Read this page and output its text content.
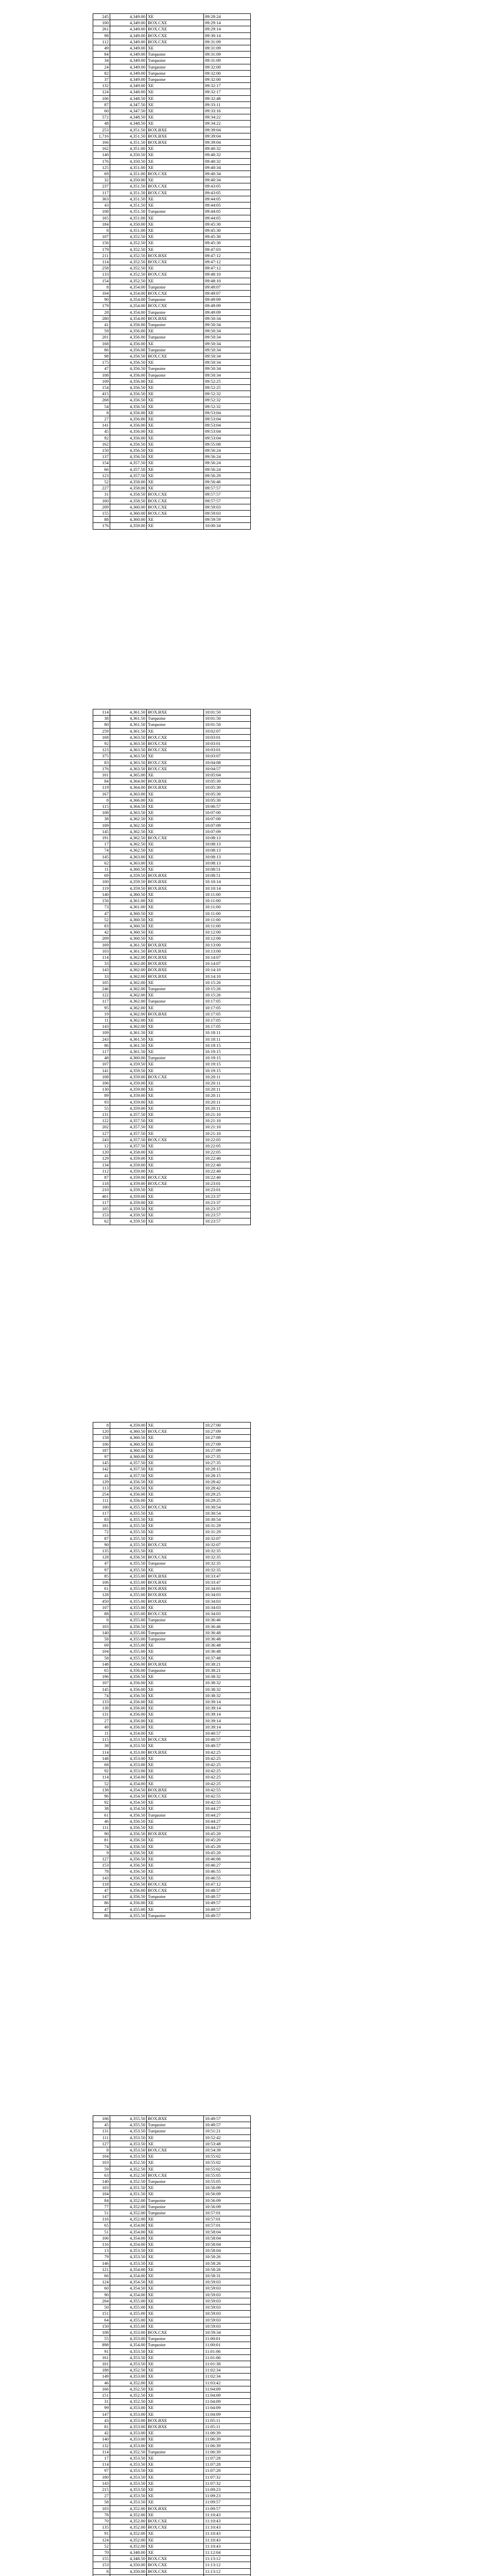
245	4,349.00	XE	09:28:24
100	4,349.00	BOX.CXE	09:29:14
261	4,349.00	BOX.CXE	09:29:14
98	4,349.00	BOX.CXE	09:30:14
112	4,349.00	BOX.CXE	09:31:09
49	4,349.00	XE	09:31:09
84	4,349.00	Turquoise	09:31:09
34	4,349.00	Turquoise	09:31:09
24	4,349.00	Turquoise	09:32:00
82	4,349.00	Turquoise	09:32:00
37	4,349.00	Turquoise	09:32:00
132	4,349.00	XE	09:32:17
124	4,348.00	XE	09:32:17
106	4,348.50	XE	09:32:48
87	4,347.50	XE	09:33:11
60	4,347.50	XE	09:33:16
572	4,348.50	XE	09:34:22
48	4,348.50	XE	09:34:22
253	4,351.50	BOX.BXE	09:39:04
1,716	4,351.50	BOX.BXE	09:39:04
166	4,351.50	BOX.BXE	09:39:04
162	4,351.00	XE	09:40:32
140	4,350.50	XE	09:40:32
176	4,350.50	XE	09:40:32
125	4,351.00	XE	09:40:34
69	4,351.00	BOX.CXE	09:40:34
32	4,350.00	XE	09:40:34
237	4,351.50	BOX.CXE	09:43:05
117	4,351.50	BOX.CXE	09:43:05
363	4,351.50	XE	09:44:05
43	4,351.50	XE	09:44:05
108	4,351.50	Turquoise	09:44:05
165	4,351.00	XE	09:44:05
184	4,350.00	XE	09:45:30
8	4,351.00	XE	09:45:30
107	4,352.50	XE	09:45:30
156	4,352.50	XE	09:45:30
179	4,352.50	XE	09:47:03
211	4,352.50	BOX.BXE	09:47:12
114	4,352.50	BOX.CXE	09:47:12
258	4,352.50	XE	09:47:12
133	4,352.50	BOX.CXE	09:48:10
154	4,352.50	XE	09:48:10
8	4,354.00	Turquoise	09:49:07
104	4,354.00	BOX.CXE	09:49:07
90	4,354.00	Turquoise	09:49:09
179	4,354.00	BOX.CXE	09:49:09
28	4,354.00	Turquoise	09:49:09
280	4,354.00	BOX.BXE	09:50:34
41	4,356.00	Turquoise	09:50:34
59	4,356.00	XE	09:50:34
201	4,356.00	Turquoise	09:50:34
168	4,356.00	XE	09:50:34
86	4,356.00	Turquoise	09:50:34
98	4,356.50	BOX.CXE	09:50:34
175	4,356.50	XE	09:50:34
47	4,356.50	Turquoise	09:50:34
108	4,356.00	Turquoise	09:50:34
109	4,356.00	XE	09:52:25
154	4,356.50	XE	09:52:25
415	4,356.50	XE	09:52:32
268	4,356.50	XE	09:52:32
54	4,356.50	XE	09:52:32
8	4,356.00	XE	09:53:04
27	4,356.00	XE	09:53:04
141	4,356.00	XE	09:53:04
45	4,356.00	XE	09:53:04
92	4,356.00	XE	09:53:04
162	4,356.50	XE	09:55:08
150	4,356.50	XE	09:56:24
137	4,356.50	XE	09:56:24
154	4,357.50	XE	09:56:24
66	4,357.50	XE	09:56:24
123	4,357.50	XE	09:56:29
52	4,358.00	XE	09:56:46
227	4,358.00	XE	09:57:57
31	4,358.50	BOX.CXE	09:57:57
160	4,358.50	BOX.CXE	09:57:57
209	4,360.00	BOX.CXE	09:59:03
155	4,360.00	BOX.CXE	09:59:03
88	4,360.00	XE	09:59:59
176	4,359.00	XE	10:00:34
114	4,361.50	BOX.BXE	10:01:50
38	4,361.50	Turquoise	10:01:50
80	4,361.50	Turquoise	10:01:50
259	4,361.50	XE	10:02:07
168	4,363.50	BOX.CXE	10:03:01
92	4,363.50	BOX.CXE	10:03:01
123	4,363.50	BOX.CXE	10:03:01
375	4,363.50	XE	10:03:07
83	4,363.50	BOX.CXE	10:04:08
176	4,363.50	BOX.CXE	10:04:57
101	4,365.00	XE	10:05:04
84	4,364.00	BOX.BXE	10:05:30
119	4,364.00	BOX.BXE	10:05:30
167	4,363.00	XE	10:05:30
8	4,366.00	XE	10:05:30
115	4,364.50	XE	10:06:57
108	4,363.50	XE	10:07:00
38	4,362.50	XE	10:07:00
109	4,362.50	XE	10:07:09
145	4,362.50	XE	10:07:09
191	4,362.50	BOX.CXE	10:08:13
17	4,362.50	XE	10:08:13
74	4,362.50	XE	10:08:13
145	4,363.00	XE	10:08:13
62	4,363.00	XE	10:08:13
11	4,360.50	XE	10:08:51
69	4,359.50	BOX.BXE	10:08:51
100	4,359.50	BOX.BXE	10:10:14
119	4,359.50	BOX.BXE	10:10:14
140	4,360.50	XE	10:11:00
156	4,361.00	XE	10:11:00
73	4,361.00	XE	10:11:00
47	4,360.50	XE	10:11:00
52	4,360.50	XE	10:11:00
83	4,360.50	XE	10:11:00
42	4,360.50	XE	10:12:00
209	4,360.50	XE	10:12:00
169	4,361.50	BOX.BXE	10:13:00
103	4,361.50	BOX.BXE	10:13:00
114	4,362.00	BOX.BXE	10:14:07
33	4,362.00	BOX.BXE	10:14:07
143	4,362.00	BOX.BXE	10:14:10
33	4,362.00	BOX.BXE	10:14:10
105	4,362.00	XE	10:15:26
246	4,362.00	Turquoise	10:15:26
122	4,362.00	XE	10:15:26
117	4,362.00	Turquoise	10:17:05
95	4,362.00	XE	10:17:05
19	4,362.00	BOX.BXE	10:17:05
11	4,362.00	XE	10:17:05
143	4,362.00	XE	10:17:05
109	4,361.50	XE	10:18:11
243	4,361.50	XE	10:18:11
86	4,361.50	XE	10:19:15
117	4,361.50	XE	10:19:15
48	4,360.00	Turquoise	10:19:15
107	4,359.50	XE	10:19:15
141	4,359.50	XE	10:19:15
108	4,359.00	BOX.CXE	10:20:11
106	4,359.00	XE	10:20:11
130	4,359.00	XE	10:20:11
89	4,359.00	XE	10:20:11
93	4,359.00	XE	10:20:11
55	4,359.00	XE	10:20:11
131	4,357.50	XE	10:21:10
122	4,357.50	XE	10:21:10
202	4,357.50	XE	10:21:10
127	4,357.50	XE	10:21:10
243	4,357.50	BOX.CXE	10:22:05
12	4,357.50	XE	10:22:05
120	4,358.00	XE	10:22:05
129	4,359.00	XE	10:22:40
134	4,359.00	XE	10:22:40
112	4,359.00	XE	10:22:40
87	4,359.00	BOX.CXE	10:22:40
118	4,359.00	BOX.CXE	10:23:01
210	4,359.50	XE	10:23:01
401	4,359.00	XE	10:23:37
117	4,359.00	XE	10:23:37
105	4,359.50	XE	10:23:37
153	4,359.50	XE	10:23:57
62	4,359.50	XE	10:23:57
8	4,359.00	XE	10:27:00
120	4,360.50	BOX.CXE	10:27:09
158	4,360.50	XE	10:27:09
106	4,360.50	XE	10:27:09
187	4,360.50	XE	10:27:09
97	4,360.00	XE	10:27:35
145	4,357.50	XE	10:27:35
142	4,357.50	XE	10:28:15
41	4,357.50	XE	10:28:15
129	4,356.50	XE	10:28:42
113	4,356.50	XE	10:28:42
254	4,356.00	XE	10:29:25
111	4,356.00	XE	10:29:25
180	4,355.50	BOX.CXE	10:30:54
117	4,355.50	XE	10:30:54
83	4,355.50	XE	10:30:54
181	4,355.50	XE	10:31:29
72	4,355.50	XE	10:31:29
87	4,355.50	XE	10:32:07
90	4,355.50	BOX.CXE	10:32:07
135	4,355.50	XE	10:32:35
128	4,356.50	BOX.CXE	10:32:35
47	4,355.50	Turquoise	10:32:35
97	4,355.50	XE	10:32:35
85	4,355.00	BOX.BXE	10:33:47
106	4,355.00	BOX.BXE	10:33:47
61	4,355.00	BOX.BXE	10:34:03
128	4,355.00	BOX.BXE	10:34:03
450	4,355.00	BOX.BXE	10:34:03
107	4,355.00	XE	10:34:03
88	4,355.00	BOX.CXE	10:34:03
8	4,355.00	Turquoise	10:36:46
103	4,356.50	XE	10:36:46
140	4,355.00	Turquoise	10:36:48
58	4,355.00	Turquoise	10:36:48
69	4,355.00	XE	10:36:48
104	4,355.00	XE	10:36:48
58	4,355.50	XE	10:37:48
148	4,356.00	BOX.BXE	10:38:21
65	4,356.00	Turquoise	10:38:21
196	4,356.50	XE	10:38:32
107	4,356.00	XE	10:38:32
145	4,356.00	XE	10:38:32
74	4,356.50	XE	10:38:32
133	4,356.00	XE	10:39:14
138	4,356.00	XE	10:39:14
131	4,356.00	XE	10:39:14
27	4,356.00	XE	10:39:14
49	4,356.00	XE	10:39:14
11	4,354.00	XE	10:40:57
115	4,353.50	BOX.CXE	10:40:57
38	4,353.50	XE	10:40:57
114	4,353.00	BOX.BXE	10:42:25
148	4,353.00	XE	10:42:25
68	4,353.00	XE	10:42:25
92	4,353.00	XE	10:42:25
114	4,354.00	XE	10:42:25
52	4,354.00	XE	10:42:25
138	4,354.50	BOX.BXE	10:42:55
96	4,354.50	BOX.CXE	10:42:55
92	4,354.50	XE	10:42:55
38	4,354.50	XE	10:44:27
61	4,356.50	Turquoise	10:44:27
46	4,356.50	XE	10:44:27
111	4,356.50	XE	10:44:27
90	4,356.50	BOX.BXE	10:45:20
81	4,356.50	XE	10:45:20
74	4,356.50	XE	10:45:20
9	4,356.50	XE	10:45:20
127	4,356.50	XE	10:46:06
153	4,356.50	XE	10:46:27
78	4,356.50	XE	10:46:55
143	4,356.50	XE	10:46:55
118	4,356.50	BOX.CXE	10:47:12
47	4,356.00	BOX.CXE	10:48:57
147	4,356.50	Turquoise	10:48:57
86	4,356.00	XE	10:49:57
47	4,355.00	XE	10:49:57
86	4,355.50	Turquoise	10:49:57
106	4,355.50	BOX.BXE	10:49:57
45	4,355.50	Turquoise	10:49:57
131	4,353.50	Turquoise	10:51:21
111	4,353.50	XE	10:52:42
127	4,353.50	XE	10:53:48
8	4,353.50	BOX.CXE	10:54:39
104	4,353.50	XE	10:55:02
103	4,352.50	XE	10:55:02
59	4,352.50	XE	10:55:02
63	4,352.50	BOX.CXE	10:55:05
140	4,352.50	Turquoise	10:55:05
103	4,351.50	XE	10:56:09
104	4,351.50	XE	10:56:09
84	4,352.00	Turquoise	10:56:09
77	4,352.00	Turquoise	10:56:09
51	4,352.00	Turquoise	10:57:01
116	4,352.00	XE	10:57:01
65	4,354.00	XE	10:57:01
51	4,354.00	XE	10:58:04
106	4,354.00	XE	10:58:04
116	4,354.00	XE	10:58:04
13	4,353.50	XE	10:58:04
79	4,353.50	XE	10:58:26
146	4,353.50	XE	10:58:26
121	4,354.00	XE	10:58:26
66	4,354.00	XE	10:58:31
124	4,354.50	XE	10:59:03
60	4,354.50	XE	10:59:03
90	4,354.00	XE	10:59:03
204	4,355.00	XE	10:59:03
50	4,355.00	XE	10:59:03
151	4,355.00	XE	10:59:03
64	4,355.00	XE	10:59:03
150	4,355.00	XE	10:59:03
108	4,353.00	BOX.CXE	10:59:34
55	4,353.00	Turquoise	11:00:01
898	4,354.00	Turquoise	11:00:01
91	4,353.50	XE	11:01:06
161	4,353.50	XE	11:01:06
101	4,353.50	XE	11:01:38
188	4,352.50	XE	11:02:34
149	4,353.00	XE	11:02:34
46	4,352.00	XE	11:03:42
166	4,352.50	XE	11:04:09
151	4,352.50	XE	11:04:09
31	4,352.50	XE	11:04:09
99	4,353.00	XE	11:04:09
147	4,353.00	XE	11:04:09
43	4,353.00	BOX.BXE	11:05:11
81	4,353.00	BOX.BXE	11:05:11
42	4,353.00	XE	11:06:39
140	4,353.00	XE	11:06:39
132	4,353.00	XE	11:06:39
114	4,352.50	Turquoise	11:06:39
17	4,353.50	XE	11:07:28
114	4,353.50	XE	11:07:28
97	4,353.50	XE	11:07:28
180	4,353.50	XE	11:07:32
143	4,353.50	XE	11:07:32
215	4,353.50	XE	11:09:23
27	4,353.50	XE	11:09:23
58	4,353.50	XE	11:09:57
103	4,352.00	BOX.BXE	11:09:57
78	4,352.00	XE	11:10:43
70	4,352.00	BOX.CXE	11:10:43
135	4,352.00	BOX.CXE	11:10:43
91	4,352.00	XE	11:10:43
124	4,352.00	XE	11:10:43
52	4,352.00	XE	11:10:43
70	4,348.00	XE	11:12:04
155	4,348.50	BOX.CXE	11:13:12
153	4,350.00	BOX.CXE	11:13:12
8	4,350.00	BOX.CXE	11:13:12
